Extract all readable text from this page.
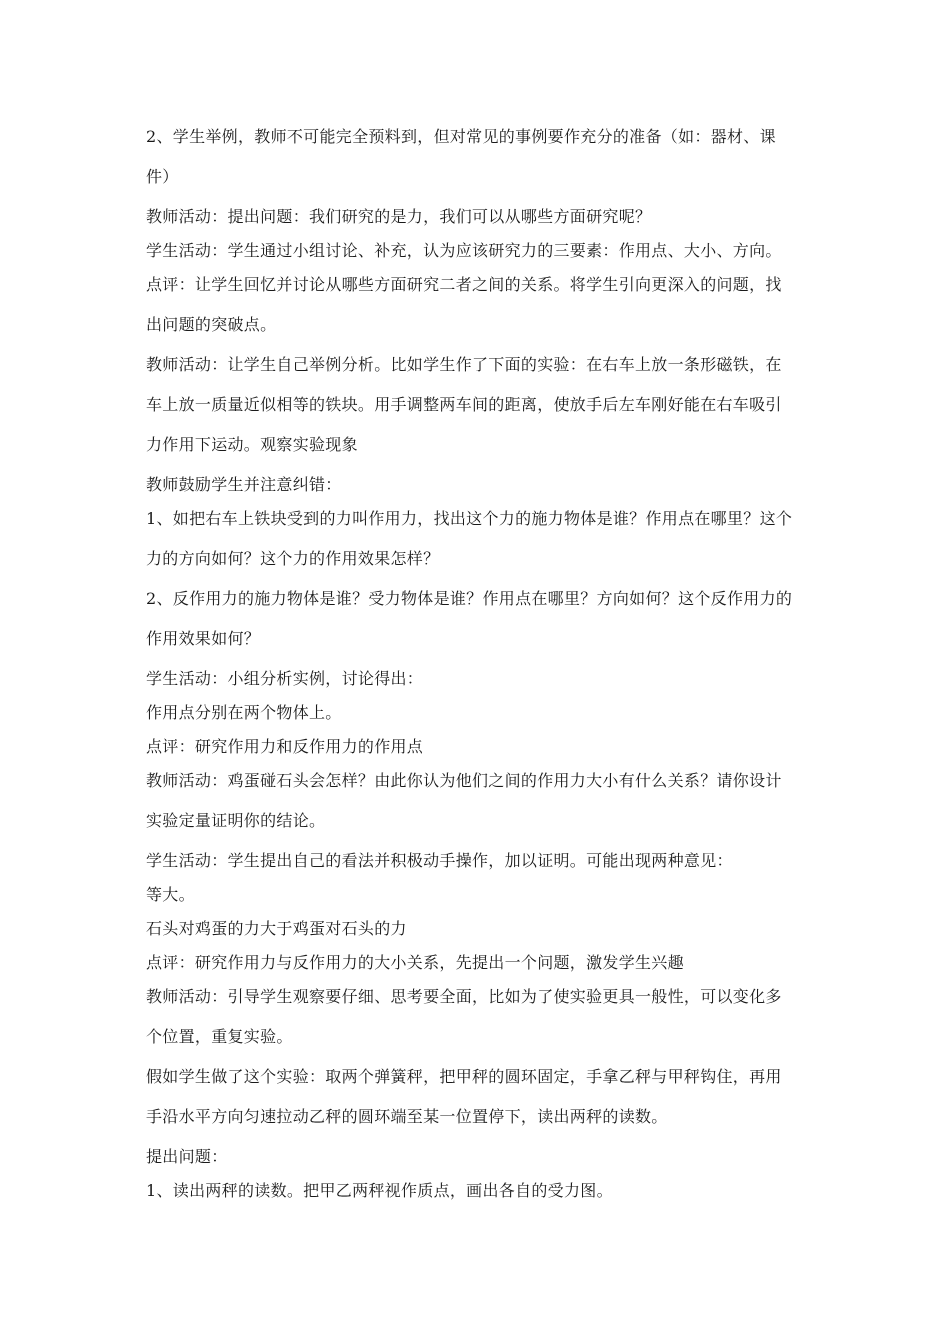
2、学生举例，教师不可能完全预料到，但对常见的事例要作充分的准备（如：器材、课
件）
教师活动：提出问题：我们研究的是力，我们可以从哪些方面研究呢？
学生活动：学生通过小组讨论、补充，认为应该研究力的三要素：作用点、大小、方向。
点评：让学生回忆并讨论从哪些方面研究二者之间的关系。将学生引向更深入的问题，找
出问题的突破点。
教师活动：让学生自己举例分析。比如学生作了下面的实验：在右车上放一条形磁铁，在
车上放一质量近似相等的铁块。用手调整两车间的距离，使放手后左车刚好能在右车吸引
力作用下运动。观察实验现象
教师鼓励学生并注意纠错：
1、如把右车上铁块受到的力叫作用力，找出这个力的施力物体是谁？作用点在哪里？这个
力的方向如何？这个力的作用效果怎样？
2、反作用力的施力物体是谁？受力物体是谁？作用点在哪里？方向如何？这个反作用力的
作用效果如何？
学生活动：小组分析实例，讨论得出：
作用点分别在两个物体上。
点评：研究作用力和反作用力的作用点
教师活动：鸡蛋碰石头会怎样？由此你认为他们之间的作用力大小有什么关系？请你设计
实验定量证明你的结论。
学生活动：学生提出自己的看法并积极动手操作，加以证明。可能出现两种意见：
等大。
石头对鸡蛋的力大于鸡蛋对石头的力
点评：研究作用力与反作用力的大小关系，先提出一个问题，激发学生兴趣
教师活动：引导学生观察要仔细、思考要全面，比如为了使实验更具一般性，可以变化多
个位置，重复实验。
假如学生做了这个实验：取两个弹簧秤，把甲秤的圆环固定，手拿乙秤与甲秤钩住，再用
手沿水平方向匀速拉动乙秤的圆环端至某一位置停下，读出两秤的读数。
提出问题：
1、读出两秤的读数。把甲乙两秤视作质点，画出各自的受力图。
